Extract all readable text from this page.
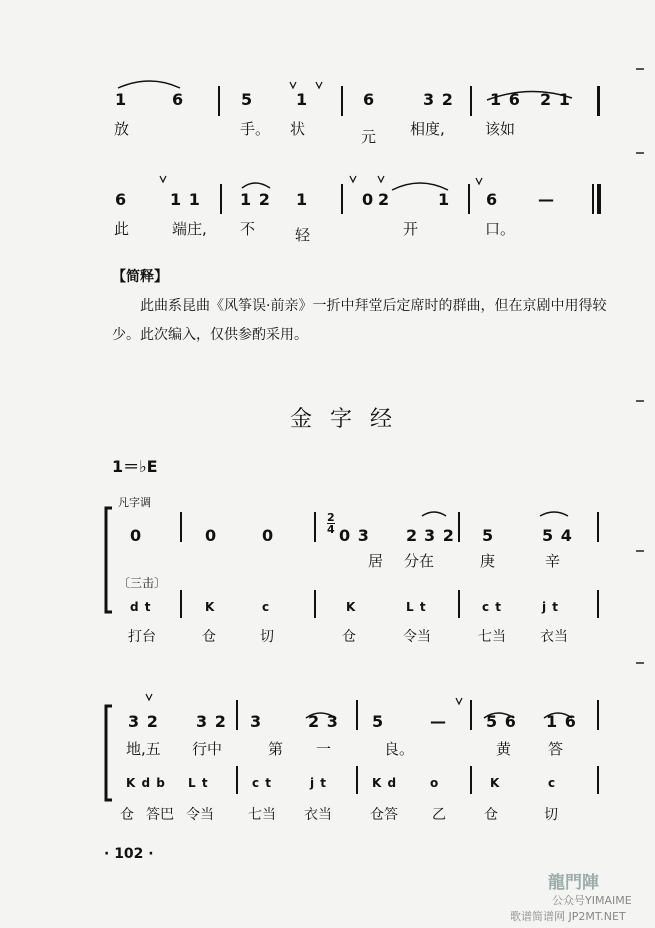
1	6	5	1	6	3 2 1 6 2 1
放	手。 状	元 相度,	该如
6	1 1 1 2 1	0 2	1 6 —
此	端庄, 不	轻	开	口。
【简释】
此曲系昆曲《风筝误·前亲》一折中拜堂后定席时的群曲，但在京剧中用得较少。此次编入，仅供参酌采用。
金字经
1＝♭E
凡字调
0	0	0
2
4 0 3 2 3 2 5	5 4
居 分在	庚	辛
〔三击〕
d t	K	c	K	L t	c t	j t
打台	仓	切	仓	令当	七当 衣当
3 2 3 2 3	2 3 5	— 5 6 1 6
地,五 行中	第 一	良。	黄 答
K d b L t	c t	j t	K d	o	K	c
仓 答巴 令当 七当 衣当	仓答 乙	仓	切
· 102 ·
龍門陣
公众号YIMAIME
歌谱简谱网 JP2MT.NET
